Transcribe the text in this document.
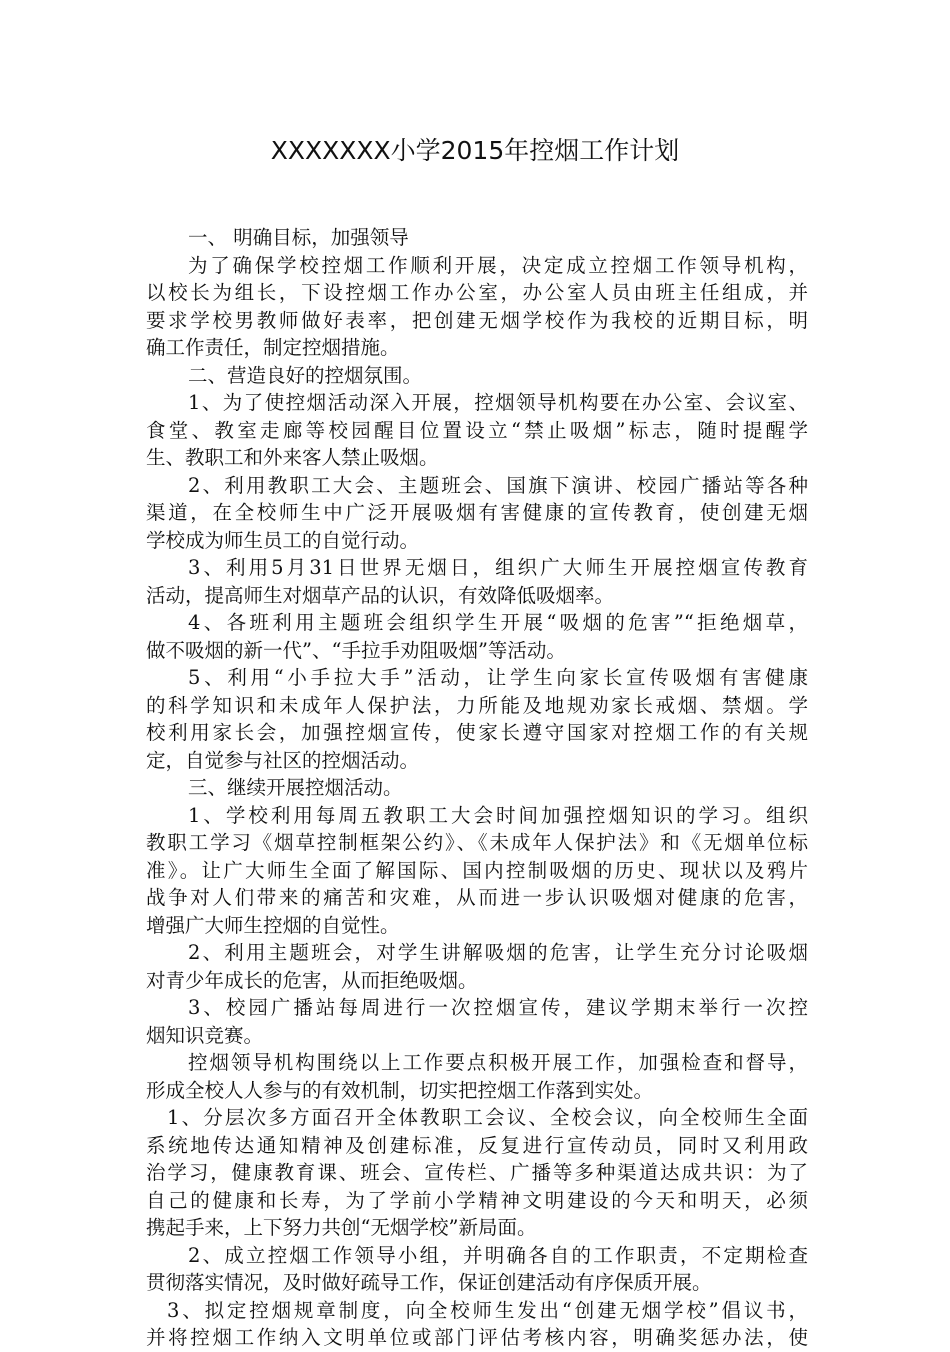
XXXXXXX小学2015年控烟工作计划
一、 明确目标，加强领导
为了确保学校控烟工作顺利开展，决定成立控烟工作领导机构，
以校长为组长，下设控烟工作办公室，办公室人员由班主任组成，并
要求学校男教师做好表率，把创建无烟学校作为我校的近期目标，明
确工作责任，制定控烟措施。
二、营造良好的控烟氛围。
1、为了使控烟活动深入开展，控烟领导机构要在办公室、会议室、
食堂、教室走廊等校园醒目位置设立“禁止吸烟”标志，随时提醒学
生、教职工和外来客人禁止吸烟。
2、利用教职工大会、主题班会、国旗下演讲、校园广播站等各种
渠道，在全校师生中广泛开展吸烟有害健康的宣传教育，使创建无烟
学校成为师生员工的自觉行动。
3、利用5月31日世界无烟日，组织广大师生开展控烟宣传教育
活动，提高师生对烟草产品的认识，有效降低吸烟率。
4、各班利用主题班会组织学生开展“吸烟的危害”“拒绝烟草，
做不吸烟的新一代”、“手拉手劝阻吸烟”等活动。
5、利用“小手拉大手”活动，让学生向家长宣传吸烟有害健康
的科学知识和未成年人保护法，力所能及地规劝家长戒烟、禁烟。学
校利用家长会，加强控烟宣传，使家长遵守国家对控烟工作的有关规
定，自觉参与社区的控烟活动。
三、继续开展控烟活动。
1、学校利用每周五教职工大会时间加强控烟知识的学习。组织
教职工学习《烟草控制框架公约》、《未成年人保护法》和《无烟单位标
准》。让广大师生全面了解国际、国内控制吸烟的历史、现状以及鸦片
战争对人们带来的痛苦和灾难，从而进一步认识吸烟对健康的危害，
增强广大师生控烟的自觉性。
2、利用主题班会，对学生讲解吸烟的危害，让学生充分讨论吸烟
对青少年成长的危害，从而拒绝吸烟。
3、校园广播站每周进行一次控烟宣传，建议学期末举行一次控
烟知识竞赛。
控烟领导机构围绕以上工作要点积极开展工作，加强检查和督导，
形成全校人人参与的有效机制，切实把控烟工作落到实处。
1、分层次多方面召开全体教职工会议、全校会议，向全校师生全面
系统地传达通知精神及创建标准，反复进行宣传动员，同时又利用政
治学习，健康教育课、班会、宣传栏、广播等多种渠道达成共识：为了
自己的健康和长寿，为了学前小学精神文明建设的今天和明天，必须
携起手来，上下努力共创“无烟学校”新局面。
2、成立控烟工作领导小组，并明确各自的工作职责，不定期检查
贯彻落实情况，及时做好疏导工作，保证创建活动有序保质开展。
3、拟定控烟规章制度，向全校师生发出“创建无烟学校”倡议书，
并将控烟工作纳入文明单位或部门评估考核内容，明确奖惩办法，使
